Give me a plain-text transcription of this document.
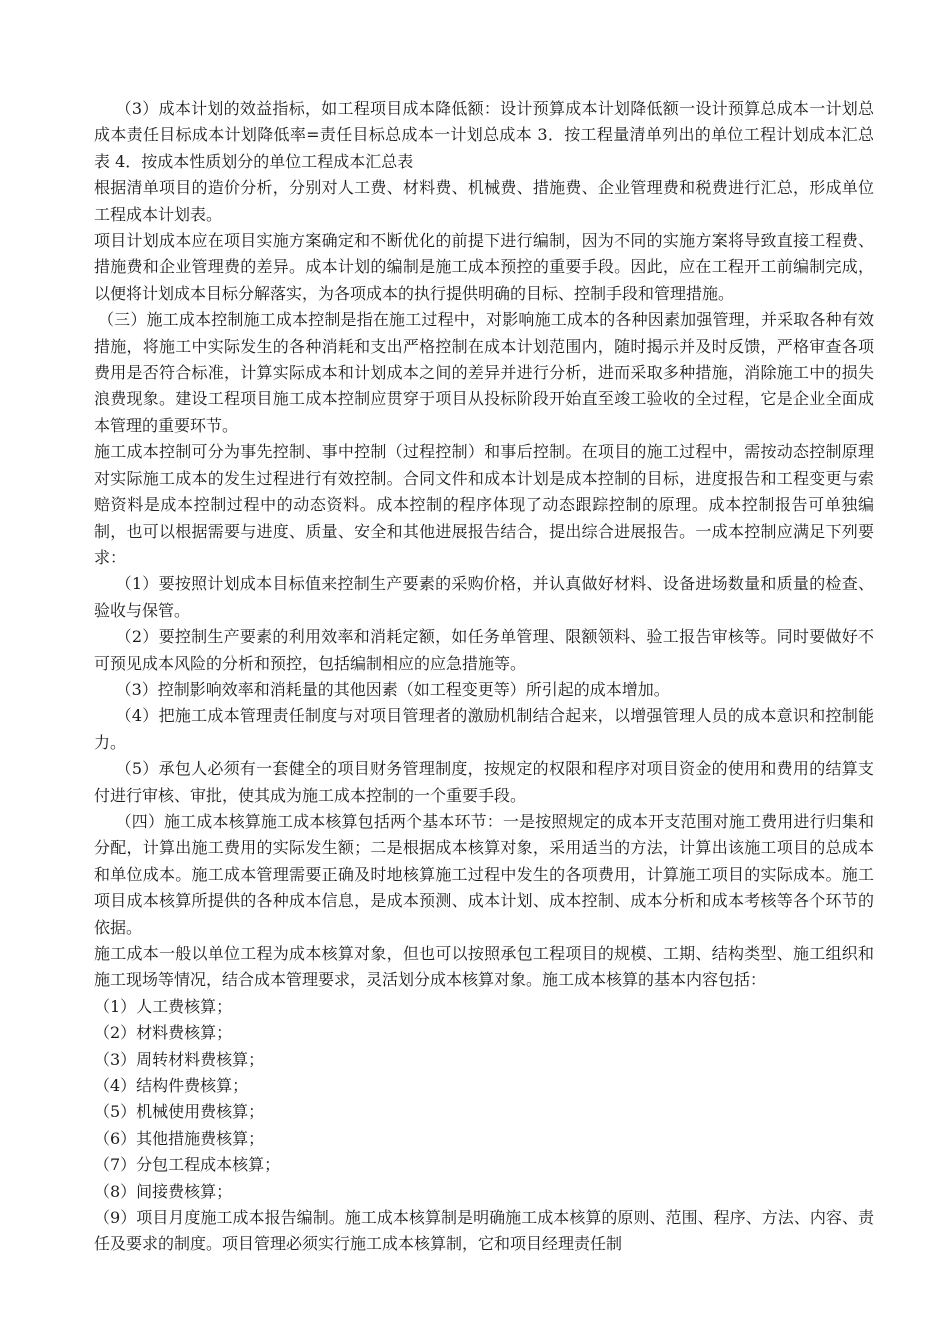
（3）成本计划的效益指标，如工程项目成本降低额：设计预算成本计划降低额一设计预算总成本一计划总成本责任目标成本计划降低率=责任目标总成本一计划总成本 3．按工程量清单列出的单位工程计划成本汇总表 4．按成本性质划分的单位工程成本汇总表

根据清单项目的造价分析，分别对人工费、材料费、机械费、措施费、企业管理费和税费进行汇总，形成单位工程成本计划表。

项目计划成本应在项目实施方案确定和不断优化的前提下进行编制，因为不同的实施方案将导致直接工程费、措施费和企业管理费的差异。成本计划的编制是施工成本预控的重要手段。因此，应在工程开工前编制完成，以便将计划成本目标分解落实，为各项成本的执行提供明确的目标、控制手段和管理措施。

（三）施工成本控制施工成本控制是指在施工过程中，对影响施工成本的各种因素加强管理，并采取各种有效措施，将施工中实际发生的各种消耗和支出严格控制在成本计划范围内，随时揭示并及时反馈，严格审查各项费用是否符合标准，计算实际成本和计划成本之间的差异并进行分析，进而采取多种措施，消除施工中的损失浪费现象。建设工程项目施工成本控制应贯穿于项目从投标阶段开始直至竣工验收的全过程，它是企业全面成本管理的重要环节。

施工成本控制可分为事先控制、事中控制（过程控制）和事后控制。在项目的施工过程中，需按动态控制原理对实际施工成本的发生过程进行有效控制。合同文件和成本计划是成本控制的目标，进度报告和工程变更与索赔资料是成本控制过程中的动态资料。成本控制的程序体现了动态跟踪控制的原理。成本控制报告可单独编制，也可以根据需要与进度、质量、安全和其他进展报告结合，提出综合进展报告。一成本控制应满足下列要求：

（1）要按照计划成本目标值来控制生产要素的采购价格，并认真做好材料、设备进场数量和质量的检查、验收与保管。

（2）要控制生产要素的利用效率和消耗定额，如任务单管理、限额领料、验工报告审核等。同时要做好不可预见成本风险的分析和预控，包括编制相应的应急措施等。

（3）控制影响效率和消耗量的其他因素（如工程变更等）所引起的成本增加。

（4）把施工成本管理责任制度与对项目管理者的激励机制结合起来，以增强管理人员的成本意识和控制能力。

（5）承包人必须有一套健全的项目财务管理制度，按规定的权限和程序对项目资金的使用和费用的结算支付进行审核、审批，使其成为施工成本控制的一个重要手段。

（四）施工成本核算施工成本核算包括两个基本环节：一是按照规定的成本开支范围对施工费用进行归集和分配，计算出施工费用的实际发生额；二是根据成本核算对象，采用适当的方法，计算出该施工项目的总成本和单位成本。施工成本管理需要正确及时地核算施工过程中发生的各项费用，计算施工项目的实际成本。施工项目成本核算所提供的各种成本信息，是成本预测、成本计划、成本控制、成本分析和成本考核等各个环节的依据。

施工成本一般以单位工程为成本核算对象，但也可以按照承包工程项目的规模、工期、结构类型、施工组织和施工现场等情况，结合成本管理要求，灵活划分成本核算对象。施工成本核算的基本内容包括：

（1）人工费核算；

（2）材料费核算；

（3）周转材料费核算；

（4）结构件费核算；

（5）机械使用费核算；

（6）其他措施费核算；

（7）分包工程成本核算；

（8）间接费核算；

（9）项目月度施工成本报告编制。施工成本核算制是明确施工成本核算的原则、范围、程序、方法、内容、责任及要求的制度。项目管理必须实行施工成本核算制，它和项目经理责任制
